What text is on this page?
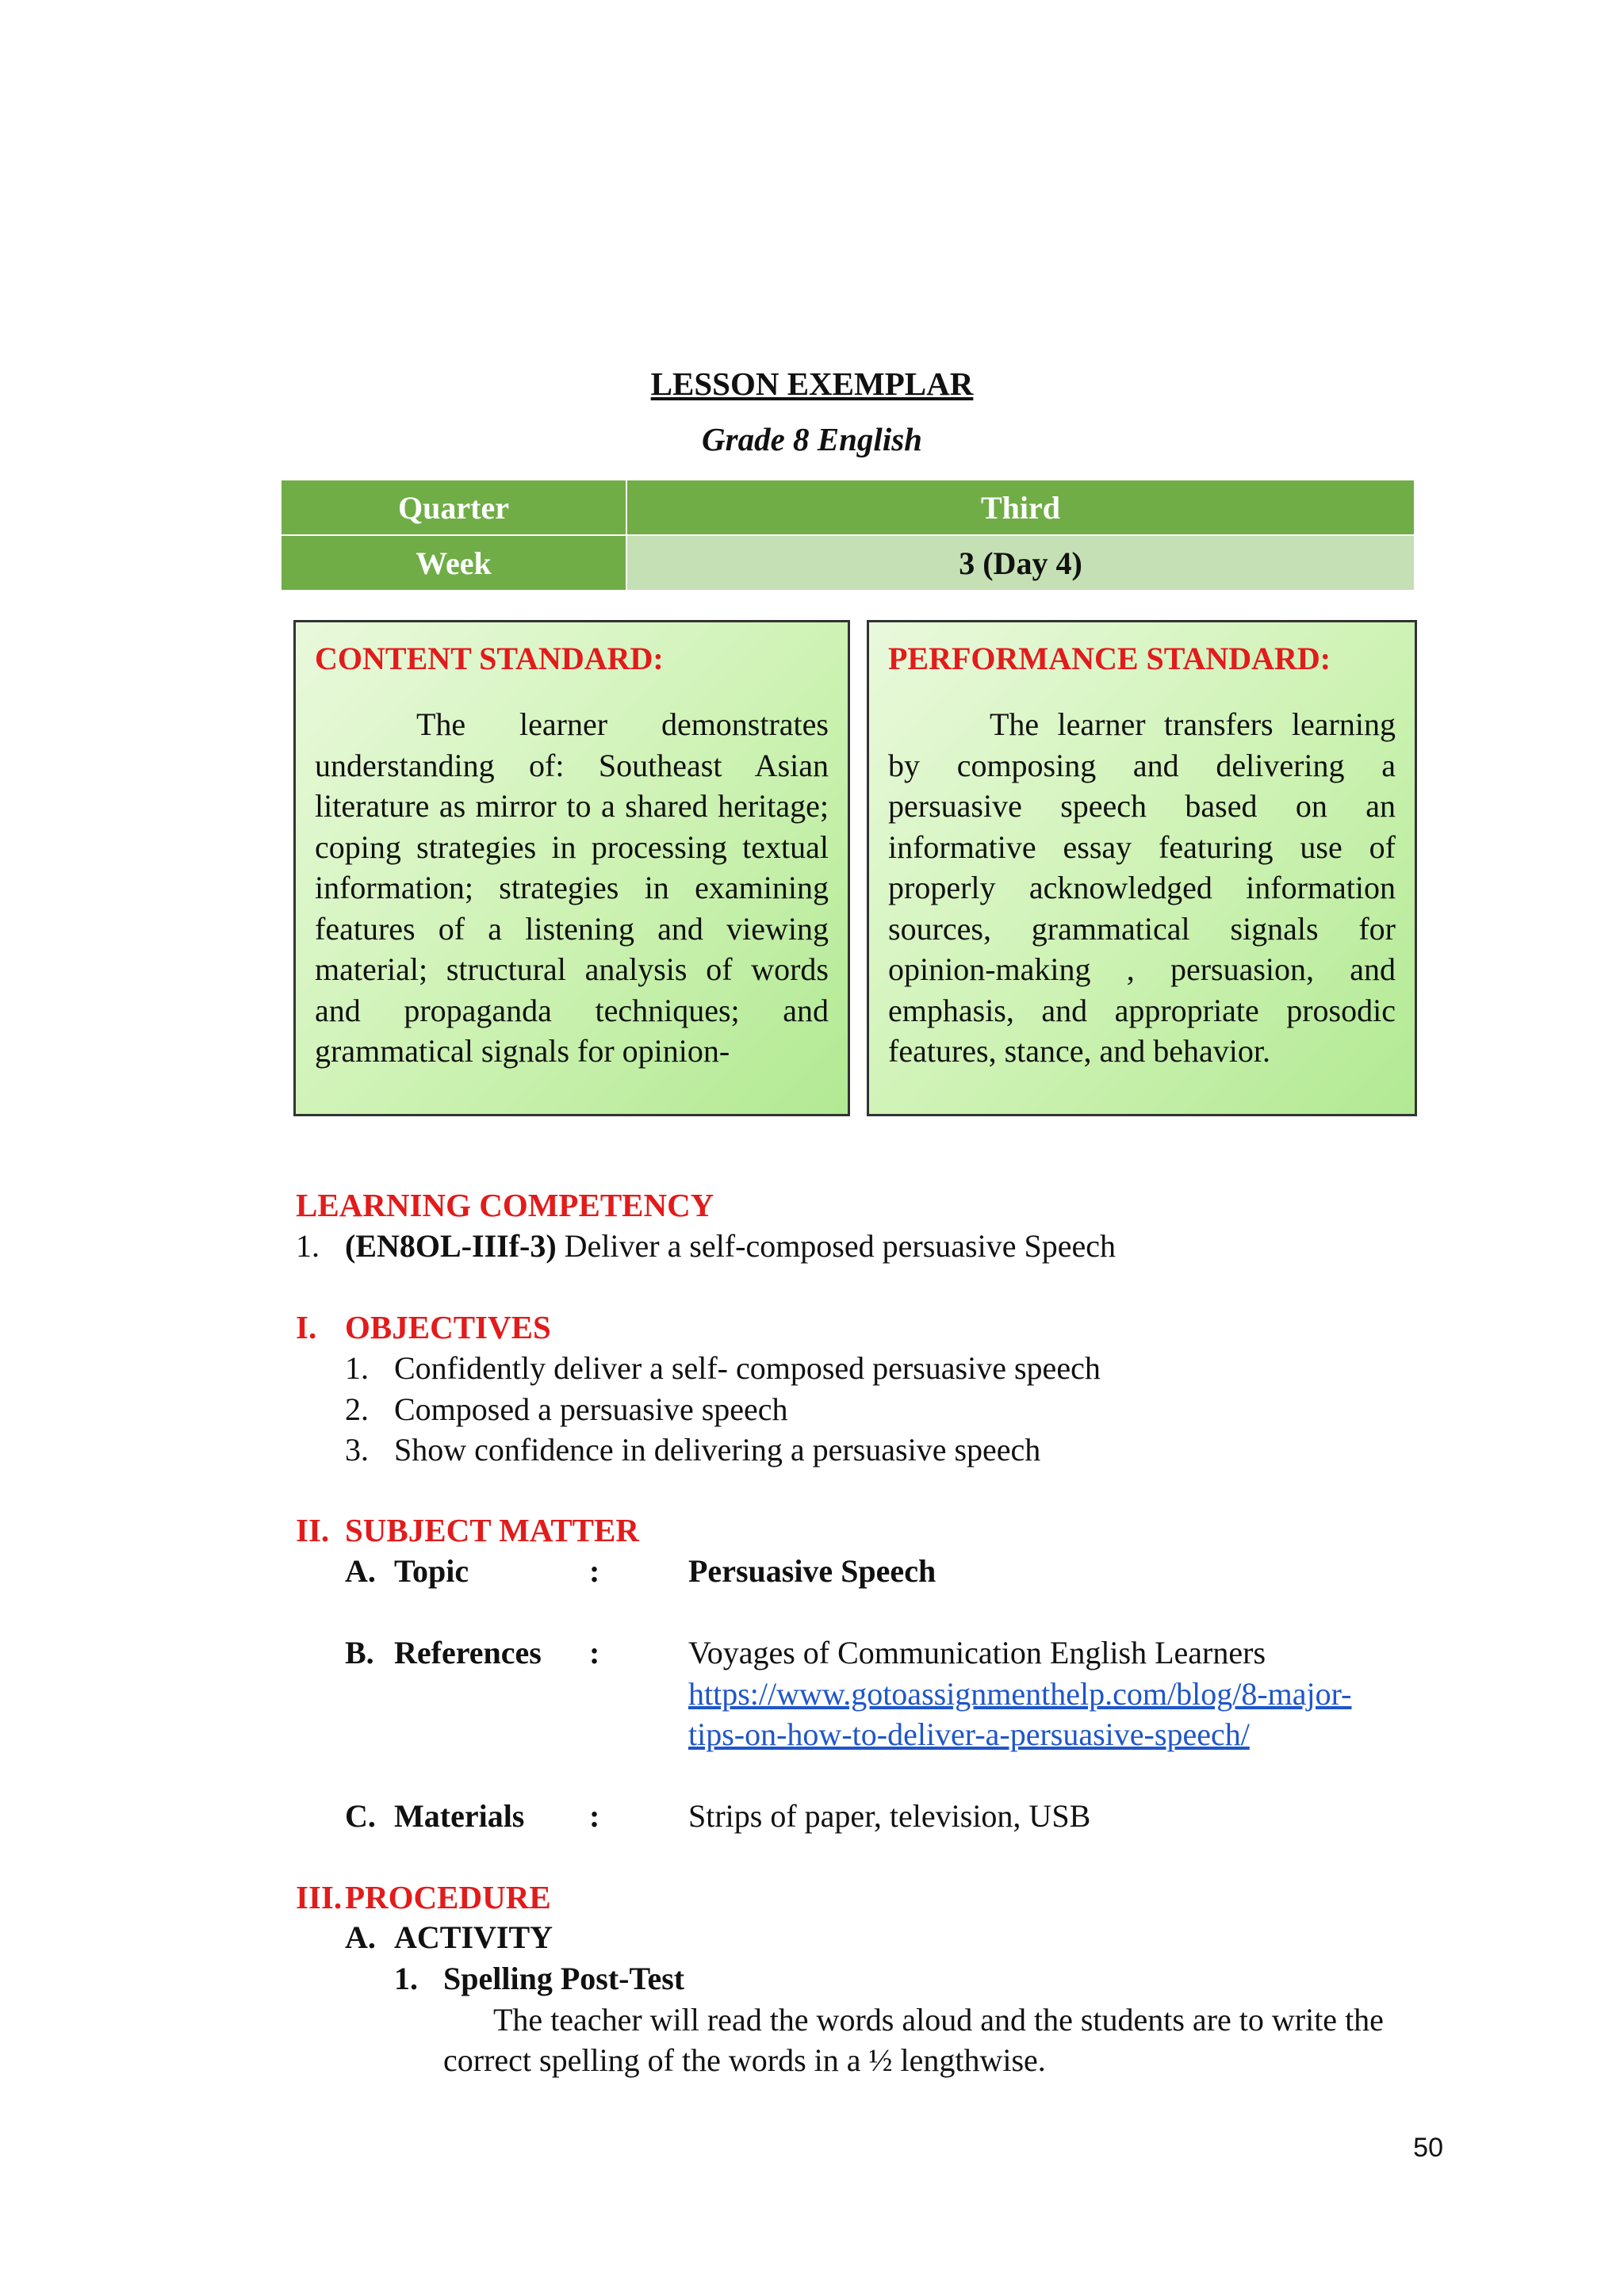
LESSON EXEMPLAR
Grade 8 English
Quarter	Third
Week	3 (Day 4)
CONTENT STANDARD:
The learner demonstrates understanding of: Southeast Asian literature as mirror to a shared heritage; coping strategies in processing textual information; strategies in examining features of a listening and viewing material; structural analysis of words and propaganda techniques; and grammatical signals for opinion-
PERFORMANCE STANDARD:
The learner transfers learning by composing and delivering a persuasive speech based on an informative essay featuring use of properly acknowledged information sources, grammatical signals for opinion-making , persuasion, and emphasis, and appropriate prosodic features, stance, and behavior.
LEARNING COMPETENCY
1. (EN8OL-IIIf-3) Deliver a self-composed persuasive Speech
I. OBJECTIVES
1. Confidently deliver a self- composed persuasive speech
2. Composed a persuasive speech
3. Show confidence in delivering a persuasive speech
II. SUBJECT MATTER
A. Topic	:	Persuasive Speech
B. References :	Voyages of Communication English Learners
https://www.gotoassignmenthelp.com/blog/8-major-
tips-on-how-to-deliver-a-persuasive-speech/
C. Materials :	Strips of paper, television, USB
III.PROCEDURE
A. ACTIVITY
1. Spelling Post-Test
The teacher will read the words aloud and the students are to write the
correct spelling of the words in a ½ lengthwise.
50
